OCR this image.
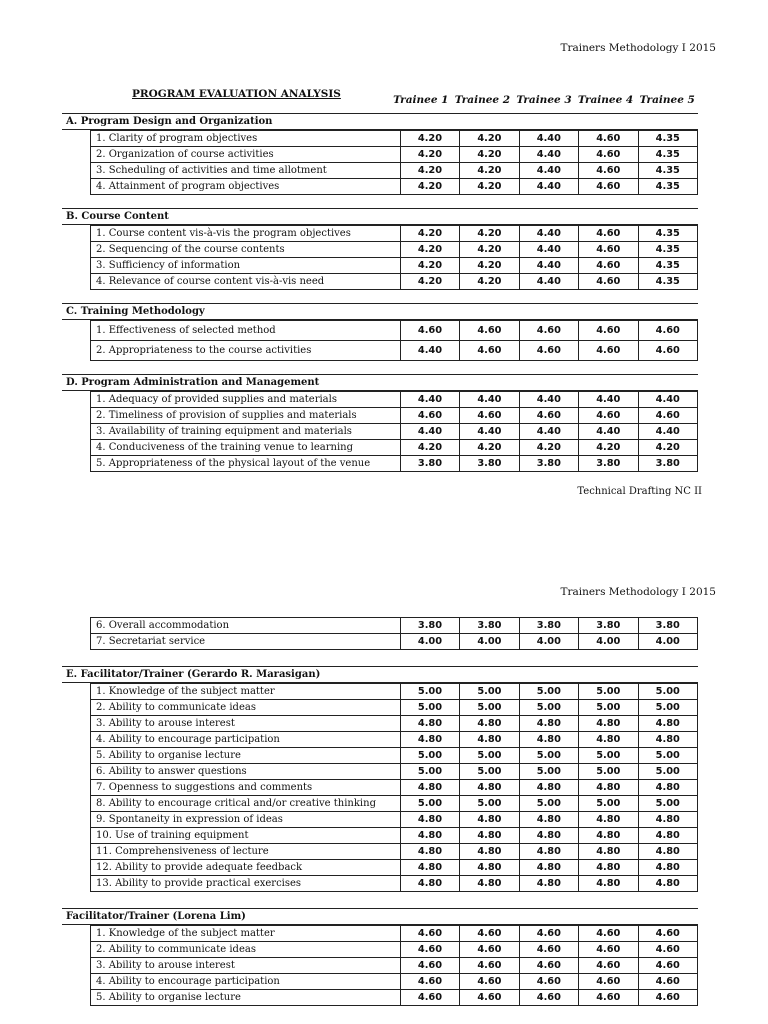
Trainers Methodology I 2015
PROGRAM EVALUATION ANALYSIS	Trainee 1 Trainee 2 Trainee 3 Trainee 4 Trainee 5
A. Program Design and Organization
1. Clarity of program objectives	4.20	4.20	4.40	4.60	4.35
2. Organization of course activities	4.20	4.20	4.40	4.60	4.35
3. Scheduling of activities and time allotment	4.20	4.20	4.40	4.60	4.35
4. Attainment of program objectives	4.20	4.20	4.40	4.60	4.35
B. Course Content
1. Course content vis-à-vis the program objectives	4.20	4.20	4.40	4.60	4.35
2. Sequencing of the course contents	4.20	4.20	4.40	4.60	4.35
3. Sufficiency of information	4.20	4.20	4.40	4.60	4.35
4. Relevance of course content vis-à-vis need	4.20	4.20	4.40	4.60	4.35
C. Training Methodology
1. Effectiveness of selected method	4.60	4.60	4.60	4.60	4.60
2. Appropriateness to the course activities	4.40	4.60	4.60	4.60	4.60
D. Program Administration and Management
1. Adequacy of provided supplies and materials	4.40	4.40	4.40	4.40	4.40
2. Timeliness of provision of supplies and materials	4.60	4.60	4.60	4.60	4.60
3. Availability of training equipment and materials	4.40	4.40	4.40	4.40	4.40
4. Conduciveness of the training venue to learning	4.20	4.20	4.20	4.20	4.20
5. Appropriateness of the physical layout of the venue	3.80	3.80	3.80	3.80	3.80
Technical Drafting NC II
Trainers Methodology I 2015
6. Overall accommodation	3.80	3.80	3.80	3.80	3.80
7. Secretariat service	4.00	4.00	4.00	4.00	4.00
E. Facilitator/Trainer (Gerardo R. Marasigan)
1. Knowledge of the subject matter	5.00	5.00	5.00	5.00	5.00
2. Ability to communicate ideas	5.00	5.00	5.00	5.00	5.00
3. Ability to arouse interest	4.80	4.80	4.80	4.80	4.80
4. Ability to encourage participation	4.80	4.80	4.80	4.80	4.80
5. Ability to organise lecture	5.00	5.00	5.00	5.00	5.00
6. Ability to answer questions	5.00	5.00	5.00	5.00	5.00
7. Openness to suggestions and comments	4.80	4.80	4.80	4.80	4.80
8. Ability to encourage critical and/or creative thinking	5.00	5.00	5.00	5.00	5.00
9. Spontaneity in expression of ideas	4.80	4.80	4.80	4.80	4.80
10. Use of training equipment	4.80	4.80	4.80	4.80	4.80
11. Comprehensiveness of lecture	4.80	4.80	4.80	4.80	4.80
12. Ability to provide adequate feedback	4.80	4.80	4.80	4.80	4.80
13. Ability to provide practical exercises	4.80	4.80	4.80	4.80	4.80
Facilitator/Trainer (Lorena Lim)
1. Knowledge of the subject matter	4.60	4.60	4.60	4.60	4.60
2. Ability to communicate ideas	4.60	4.60	4.60	4.60	4.60
3. Ability to arouse interest	4.60	4.60	4.60	4.60	4.60
4. Ability to encourage participation	4.60	4.60	4.60	4.60	4.60
5. Ability to organise lecture	4.60	4.60	4.60	4.60	4.60
